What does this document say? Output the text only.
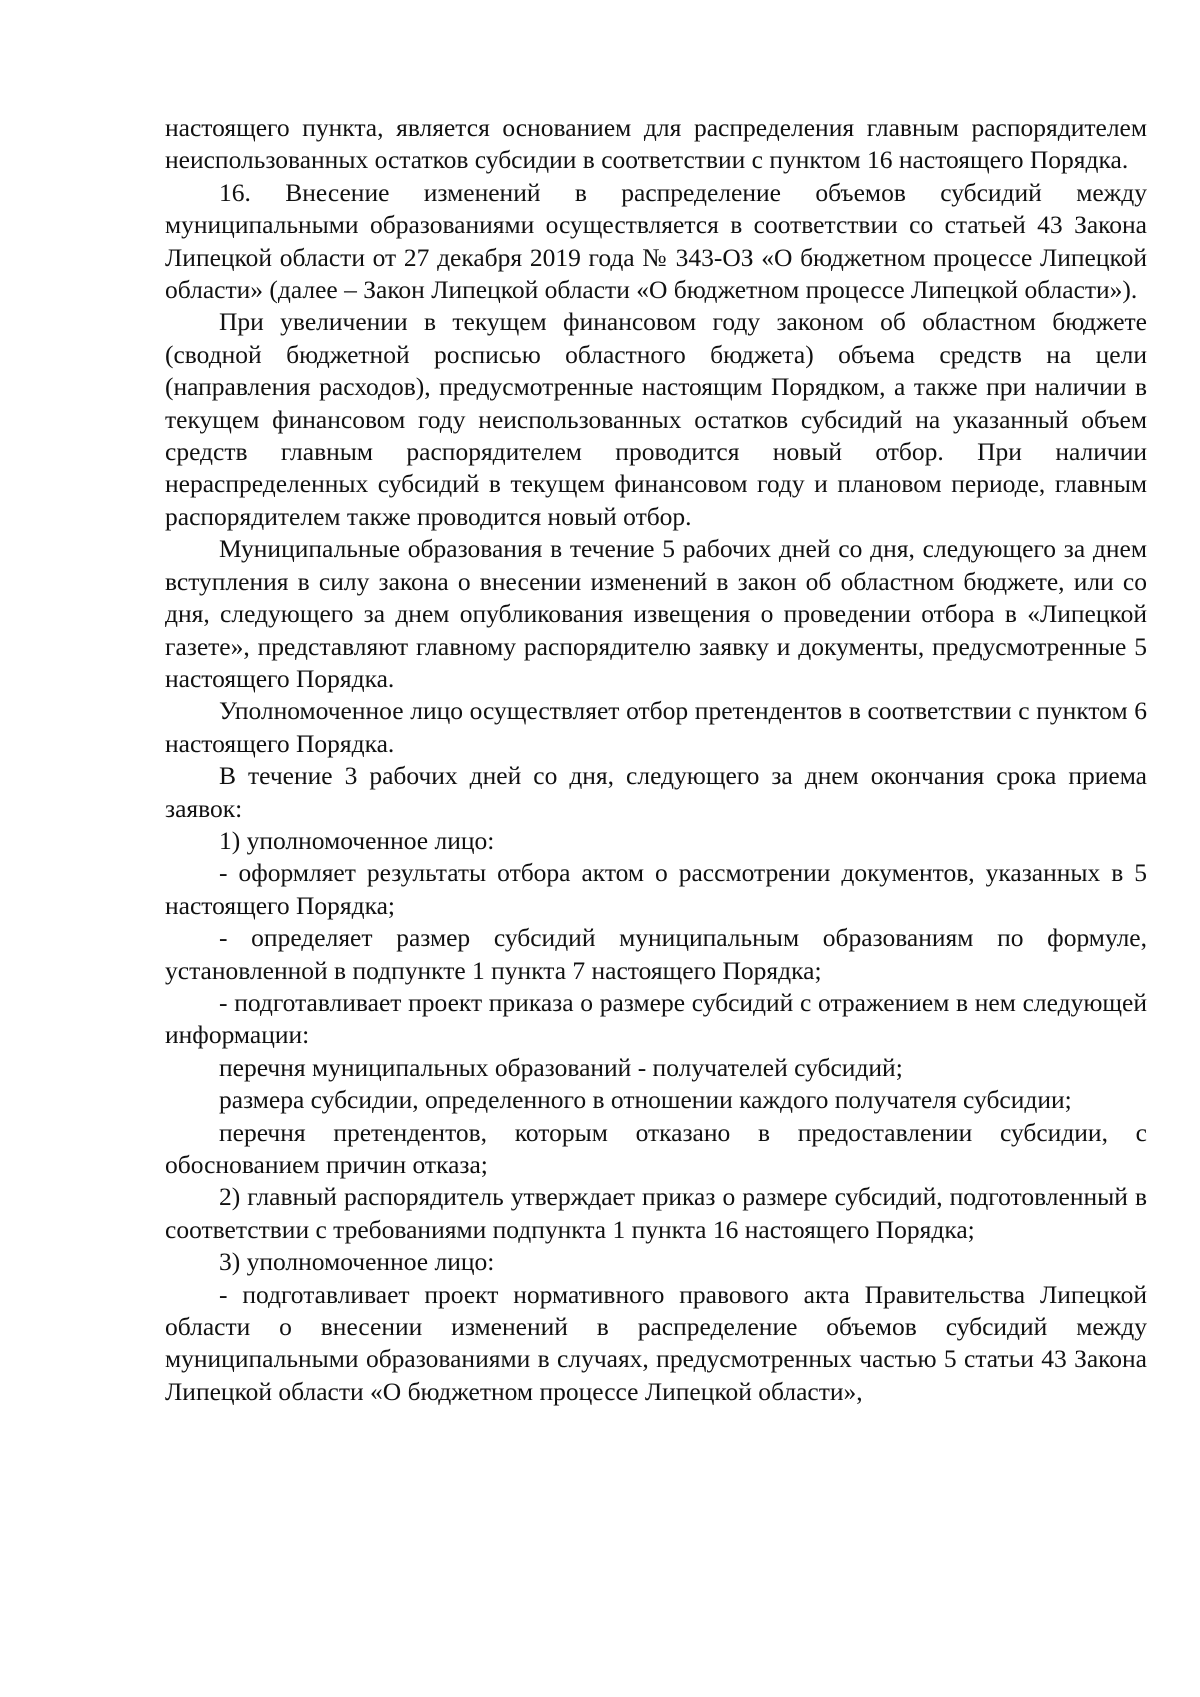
настоящего пункта, является основанием для распределения главным распорядителем неиспользованных остатков субсидии в соответствии с пунктом 16 настоящего Порядка.

16. Внесение изменений в распределение объемов субсидий между муниципальными образованиями осуществляется в соответствии со статьей 43 Закона Липецкой области от 27 декабря 2019 года № 343-ОЗ «О бюджетном процессе Липецкой области» (далее – Закон Липецкой области «О бюджетном процессе Липецкой области»).

При увеличении в текущем финансовом году законом об областном бюджете (сводной бюджетной росписью областного бюджета) объема средств на цели (направления расходов), предусмотренные настоящим Порядком, а также при наличии в текущем финансовом году неиспользованных остатков субсидий на указанный объем средств главным распорядителем проводится новый отбор. При наличии нераспределенных субсидий в текущем финансовом году и плановом периоде, главным распорядителем также проводится новый отбор.

Муниципальные образования в течение 5 рабочих дней со дня, следующего за днем вступления в силу закона о внесении изменений в закон об областном бюджете, или со дня, следующего за днем опубликования извещения о проведении отбора в «Липецкой газете», представляют главному распорядителю заявку и документы, предусмотренные 5 настоящего Порядка.

Уполномоченное лицо осуществляет отбор претендентов в соответствии с пунктом 6 настоящего Порядка.

В течение 3 рабочих дней со дня, следующего за днем окончания срока приема заявок:

1) уполномоченное лицо:

- оформляет результаты отбора актом о рассмотрении документов, указанных в 5 настоящего Порядка;

- определяет размер субсидий муниципальным образованиям по формуле, установленной в подпункте 1 пункта 7 настоящего Порядка;

- подготавливает проект приказа о размере субсидий с отражением в нем следующей информации:

перечня муниципальных образований - получателей субсидий;

размера субсидии, определенного в отношении каждого получателя субсидии;

перечня претендентов, которым отказано в предоставлении субсидии, с обоснованием причин отказа;

2) главный распорядитель утверждает приказ о размере субсидий, подготовленный в соответствии с требованиями подпункта 1 пункта 16 настоящего Порядка;

3) уполномоченное лицо:

- подготавливает проект нормативного правового акта Правительства Липецкой области о внесении изменений в распределение объемов субсидий между муниципальными образованиями в случаях, предусмотренных частью 5 статьи 43 Закона Липецкой области «О бюджетном процессе Липецкой области»,
